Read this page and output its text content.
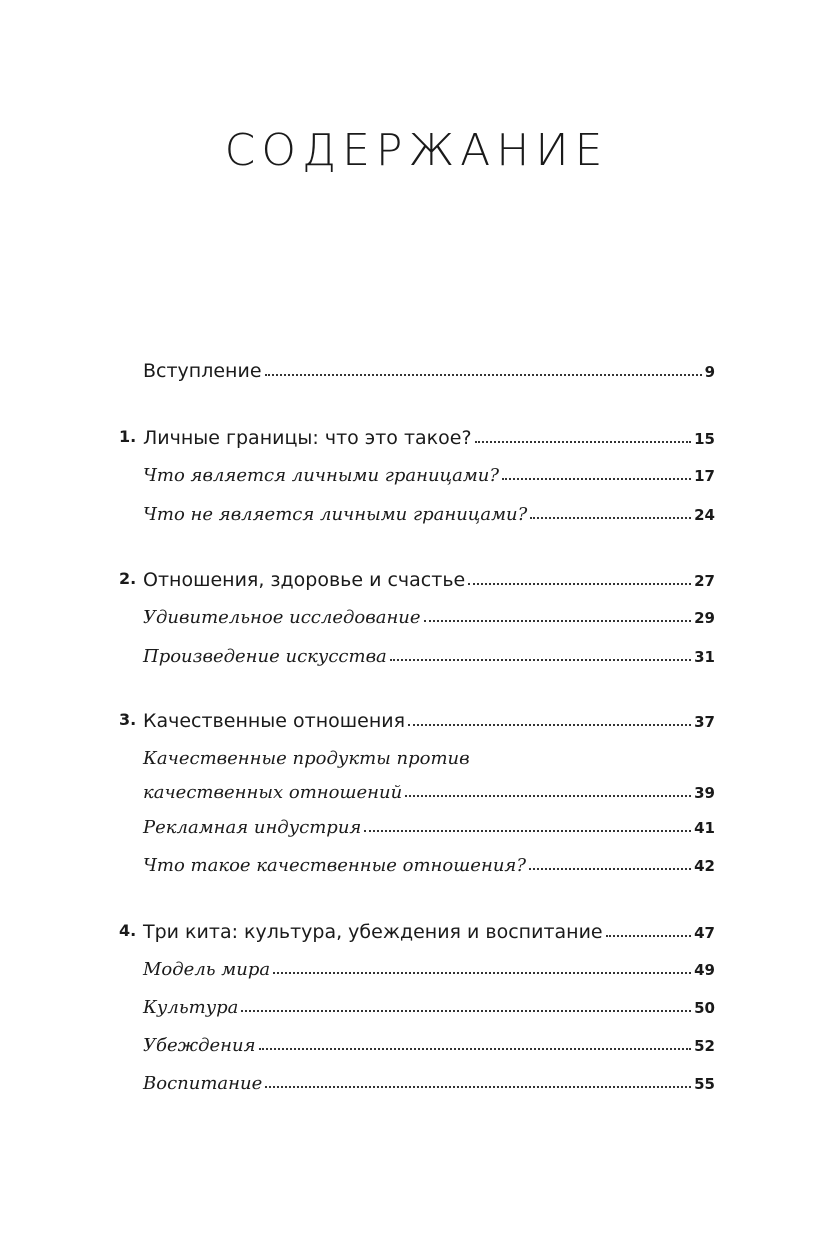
СОДЕРЖАНИЕ
Вступление	9
1. Личные границы: что это такое?	15
Что является личными границами?	17
Что не является личными границами?	24
2. Отношения, здоровье и счастье	27
Удивительное исследование	29
Произведение искусства	31
3. Качественные отношения	37
Качественные продукты против
качественных отношений	39
Рекламная индустрия	41
Что такое качественные отношения?	42
4. Три кита: культура, убеждения и воспитание	47
Модель мира	49
Культура	50
Убеждения	52
Воспитание	55
